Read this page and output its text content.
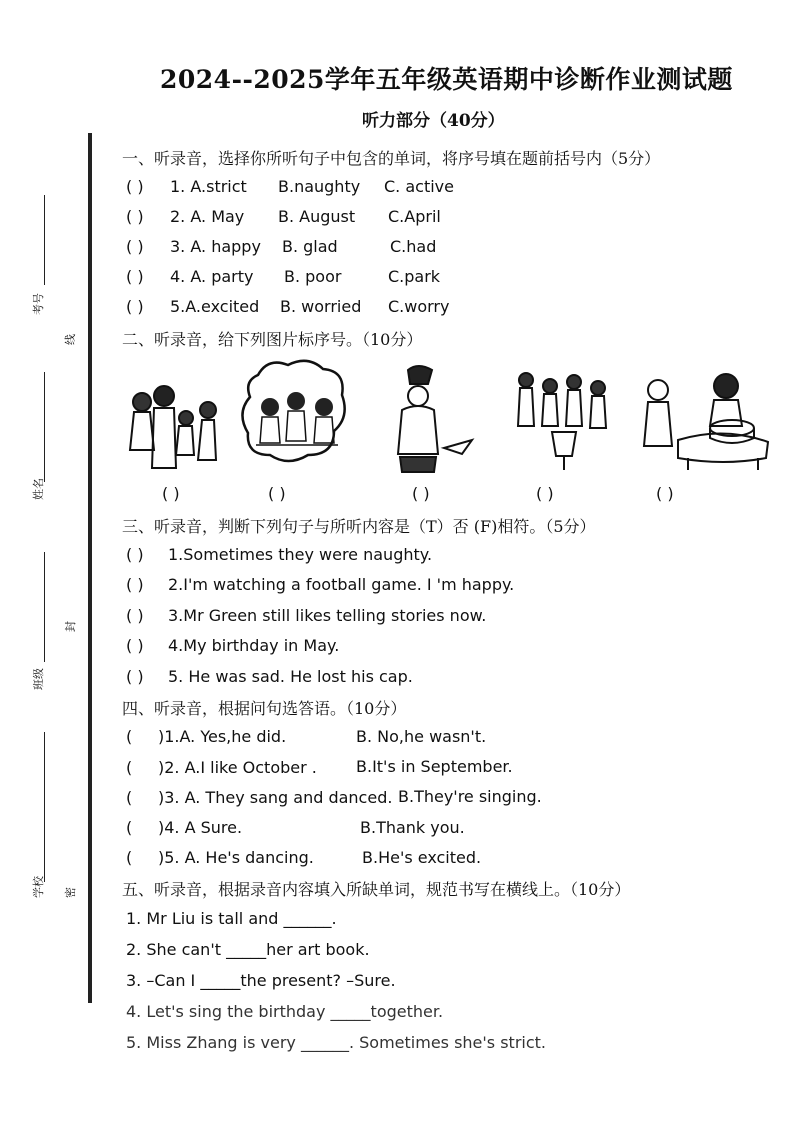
2024--2025学年五年级英语期中诊断作业测试题
听力部分（40分）
考号
线
姓名
班级
封
学校 密
一、听录音，选择你所听句子中包含的单词，将序号填在题前括号内（5分）
( ) 1. A.strict B.naughty C. active
( ) 2. A. May B. August C.April
( ) 3. A. happy B. glad	C.had
( ) 4. A. party B. poor	C.park
( ) 5.A.excited B. worried C.worry
二、听录音，给下列图片标序号。（10分）
( )	( )	( )	( )	( )
三、听录音，判断下列句子与所听内容是（T）否 (F)相符。（5分）
( ) 1.Sometimes they were naughty.
( ) 2.I'm watching a football game. I 'm happy.
( ) 3.Mr Green still likes telling stories now.
( ) 4.My birthday in May.
( ) 5. He was sad. He lost his cap.
四、听录音，根据问句选答语。（10分）
( )1.A. Yes,he did.	B. No,he wasn't.
( )2. A.I like October . B.It's in September.
( )3. A. They sang and danced. B.They're singing.
( )4. A Sure.	B.Thank you.
( )5. A. He's dancing.	B.He's excited.
五、听录音，根据录音内容填入所缺单词，规范书写在横线上。（10分）
1. Mr Liu is tall and ______.
2. She can't _____her art book.
3. –Can I _____the present? –Sure.
4. Let's sing the birthday _____together.
5. Miss Zhang is very ______. Sometimes she's strict.
